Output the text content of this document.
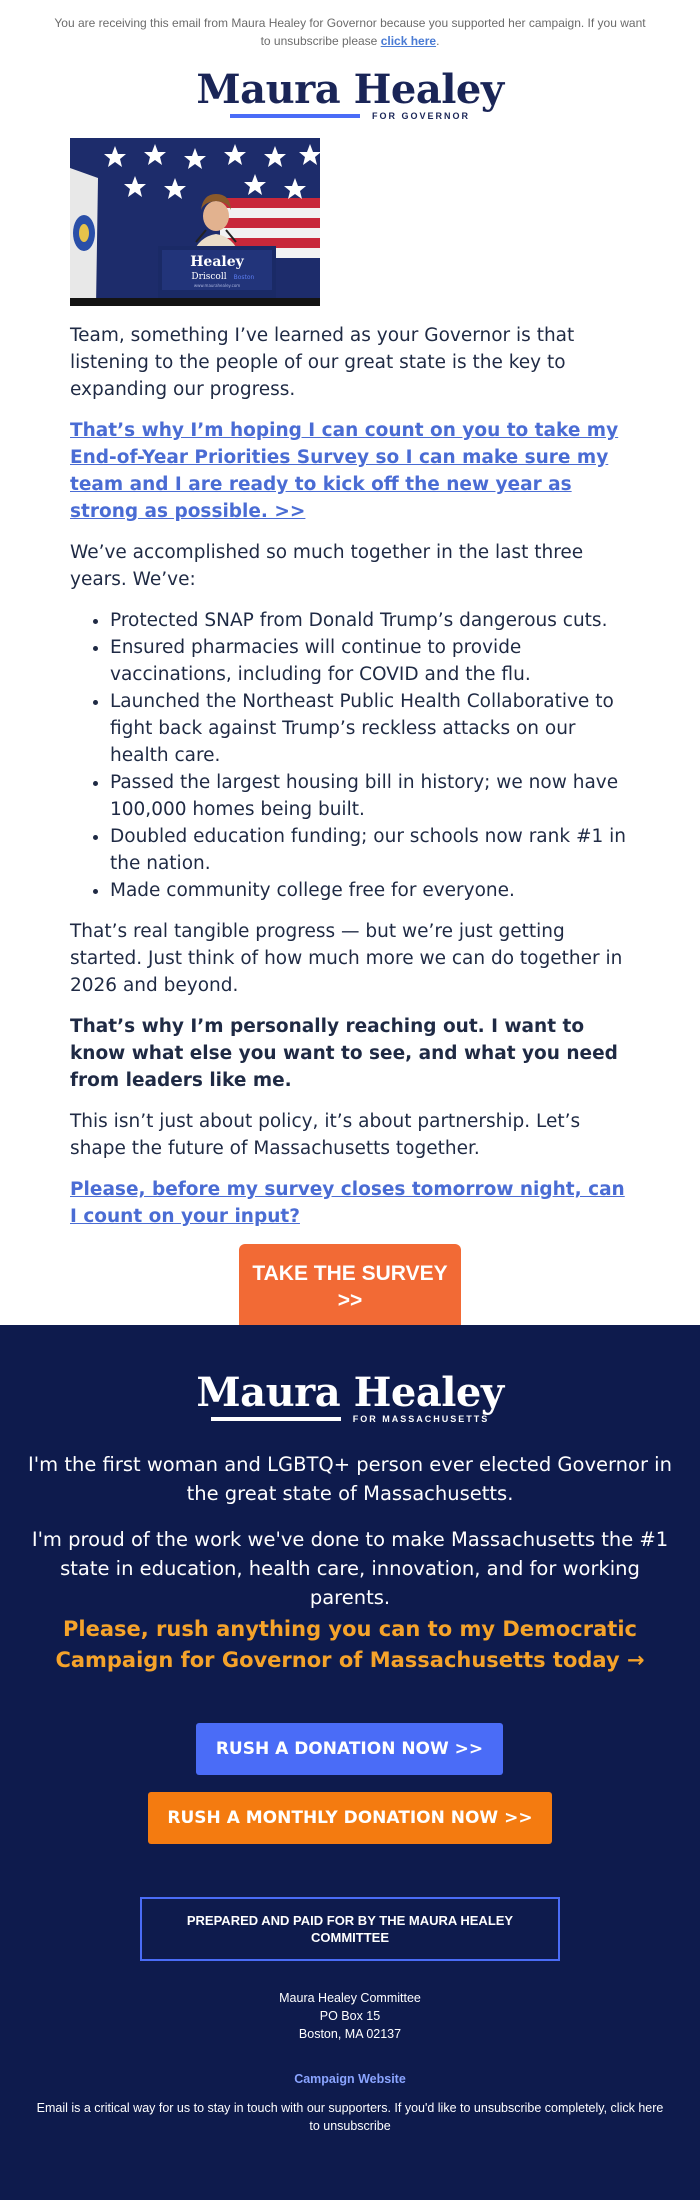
You are receiving this email from Maura Healey for Governor because you supported her campaign. If you want to unsubscribe please click here.
Maura Healey
FOR GOVERNOR
Healey
Driscoll Boston
www.maurahealey.com

Team, something I’ve learned as your Governor is that listening to the people of our great state is the key to expanding our progress.

That’s why I’m hoping I can count on you to take my End-of-Year Priorities Survey so I can make sure my team and I are ready to kick off the new year as strong as possible. >>

We’ve accomplished so much together in the last three years. We’ve:

• Protected SNAP from Donald Trump’s dangerous cuts.
• Ensured pharmacies will continue to provide vaccinations, including for COVID and the flu.
• Launched the Northeast Public Health Collaborative to fight back against Trump’s reckless attacks on our health care.
• Passed the largest housing bill in history; we now have 100,000 homes being built.
• Doubled education funding; our schools now rank #1 in the nation.
• Made community college free for everyone.

That’s real tangible progress — but we’re just getting started. Just think of how much more we can do together in 2026 and beyond.

That’s why I’m personally reaching out. I want to know what else you want to see, and what you need from leaders like me.

This isn’t just about policy, it’s about partnership. Let’s shape the future of Massachusetts together.

Please, before my survey closes tomorrow night, can I count on your input?

TAKE THE SURVEY >>

Maura Healey
FOR MASSACHUSETTS
I'm the first woman and LGBTQ+ person ever elected Governor in the great state of Massachusetts.
I'm proud of the work we've done to make Massachusetts the #1 state in education, health care, innovation, and for working parents.
Please, rush anything you can to my Democratic Campaign for Governor of Massachusetts today →
RUSH A DONATION NOW >>
RUSH A MONTHLY DONATION NOW >>
PREPARED AND PAID FOR BY THE MAURA HEALEY COMMITTEE
Maura Healey Committee
PO Box 15
Boston, MA 02137
Campaign Website
Email is a critical way for us to stay in touch with our supporters. If you'd like to unsubscribe completely, click here to unsubscribe
